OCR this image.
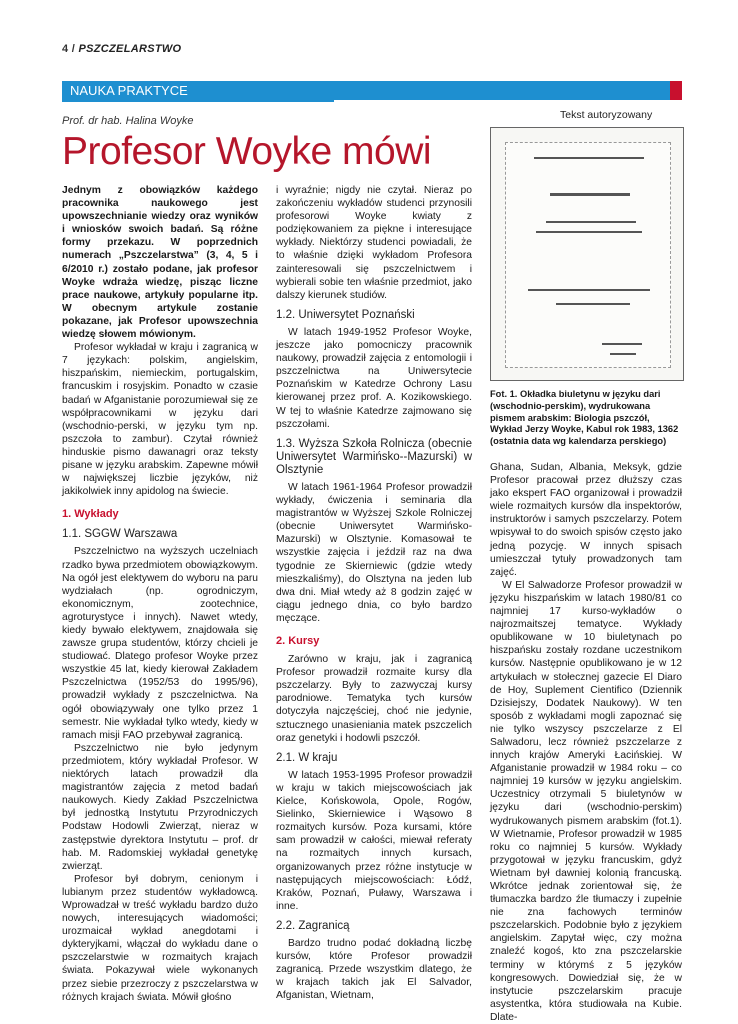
4 / PSZCZELARSTWO
NAUKA PRAKTYCE
Prof. dr hab. Halina Woyke	Tekst autoryzowany
Profesor Woyke mówi

Jednym z obowiązków każdego pracownika naukowego jest upowszechnianie wiedzy oraz wyników i wniosków swoich badań. Są różne formy przekazu. W poprzednich numerach „Pszczelarstwa” (3, 4, 5 i 6/2010 r.) zostało podane, jak profesor Woyke wdraża wiedzę, pisząc liczne prace naukowe, artykuły popularne itp. W obecnym artykule zostanie pokazane, jak Profesor upowszechnia wiedzę słowem mówionym.

Profesor wykładał w kraju i zagranicą w 7 językach: polskim, angielskim, hiszpańskim, niemieckim, portugalskim, francuskim i rosyjskim. Ponadto w czasie badań w Afganistanie porozumiewał się ze współpracownikami w języku dari (wschodnio-perski, w języku tym np. pszczoła to zambur). Czytał również hinduskie pismo dawanagri oraz teksty pisane w języku arabskim. Zapewne mówił w największej liczbie języków, niż jakikolwiek inny apidolog na świecie.

1. Wykłady
1.1. SGGW Warszawa

Pszczelnictwo na wyższych uczelniach rzadko bywa przedmiotem obowiązkowym. Na ogół jest elektywem do wyboru na paru wydziałach (np. ogrodniczym, ekonomicznym, zootechnice, agroturystyce i innych). Nawet wtedy, kiedy bywało elektywem, znajdowała się zawsze grupa studentów, którzy chcieli je studiować. Dlatego profesor Woyke przez wszystkie 45 lat, kiedy kierował Zakładem Pszczelnictwa (1952/53 do 1995/96), prowadził wykłady z pszczelnictwa. Na ogół obowiązywały one tylko przez 1 semestr. Nie wykładał tylko wtedy, kiedy w ramach misji FAO przebywał zagranicą.

Pszczelnictwo nie było jedynym przedmiotem, który wykładał Profesor. W niektórych latach prowadził dla magistrantów zajęcia z metod badań naukowych. Kiedy Zakład Pszczelnictwa był jednostką Instytutu Przyrodniczych Podstaw Hodowli Zwierząt, nieraz w zastępstwie dyrektora Instytutu – prof. dr hab. M. Radomskiej wykładał genetykę zwierząt.

Profesor był dobrym, cenionym i lubianym przez studentów wykładowcą. Wprowadzał w treść wykładu bardzo dużo nowych, interesujących wiadomości; urozmaicał wykład anegdotami i dykteryjkami, włączał do wykładu dane o pszczelarstwie w rozmaitych krajach świata. Pokazywał wiele wykonanych przez siebie przezroczy z pszczelarstwa w różnych krajach świata. Mówił głośno

i wyraźnie; nigdy nie czytał. Nieraz po zakończeniu wykładów studenci przynosili profesorowi Woyke kwiaty z podziękowaniem za piękne i interesujące wykłady. Niektórzy studenci powiadali, że to właśnie dzięki wykładom Profesora zainteresowali się pszczelnictwem i wybierali sobie ten właśnie przedmiot, jako dalszy kierunek studiów.

1.2. Uniwersytet Poznański

W latach 1949-1952 Profesor Woyke, jeszcze jako pomocniczy pracownik naukowy, prowadził zajęcia z entomologii i pszczelnictwa na Uniwersytecie Poznańskim w Katedrze Ochrony Lasu kierowanej przez prof. A. Kozikowskiego. W tej to właśnie Katedrze zajmowano się pszczołami.

1.3. Wyższa Szkoła Rolnicza (obecnie Uniwersytet Warmińsko--Mazurski) w Olsztynie

W latach 1961-1964 Profesor prowadził wykłady, ćwiczenia i seminaria dla magistrantów w Wyższej Szkole Rolniczej (obecnie Uniwersytet Warmińsko-Mazurski) w Olsztynie. Komasował te wszystkie zajęcia i jeździł raz na dwa tygodnie ze Skierniewic (gdzie wtedy mieszkaliśmy), do Olsztyna na jeden lub dwa dni. Miał wtedy aż 8 godzin zajęć w ciągu jednego dnia, co było bardzo męczące.

2. Kursy

Zarówno w kraju, jak i zagranicą Profesor prowadził rozmaite kursy dla pszczelarzy. Były to zazwyczaj kursy parodniowe. Tematyka tych kursów dotyczyła najczęściej, choć nie jedynie, sztucznego unasieniania matek pszczelich oraz genetyki i hodowli pszczół.

2.1. W kraju

W latach 1953-1995 Profesor prowadził w kraju w takich miejscowościach jak Kielce, Końskowola, Opole, Rogów, Sielinko, Skierniewice i Wąsowo 8 rozmaitych kursów. Poza kursami, które sam prowadził w całości, miewał referaty na rozmaitych innych kursach, organizowanych przez różne instytucje w następujących miejscowościach: Łódź, Kraków, Poznań, Puławy, Warszawa i inne.

2.2. Zagranicą

Bardzo trudno podać dokładną liczbę kursów, które Profesor prowadził zagranicą. Przede wszystkim dlatego, że w krajach takich jak El Salvador, Afganistan, Wietnam,

Fot. 1. Okładka biuletynu w języku dari (wschodnio-perskim), wydrukowana pismem arabskim: Biologia pszczół, Wykład Jerzy Woyke, Kabul rok 1983, 1362 (ostatnia data wg kalendarza perskiego)

Ghana, Sudan, Albania, Meksyk, gdzie Profesor pracował przez dłuższy czas jako ekspert FAO organizował i prowadził wiele rozmaitych kursów dla inspektorów, instruktorów i samych pszczelarzy. Potem wpisywał to do swoich spisów często jako jedną pozycję. W innych spisach umieszczał tytuły prowadzonych tam zajęć.

W El Salwadorze Profesor prowadził w języku hiszpańskim w latach 1980/81 co najmniej 17 kurso-wykładów o najrozmaitszej tematyce. Wykłady opublikowane w 10 biuletynach po hiszpańsku zostały rozdane uczestnikom kursów. Następnie opublikowano je w 12 artykułach w stołecznej gazecie El Diaro de Hoy, Suplement Cientifico (Dziennik Dzisiejszy, Dodatek Naukowy). W ten sposób z wykładami mogli zapoznać się nie tylko wszyscy pszczelarze z El Salwadoru, lecz również pszczelarze z innych krajów Ameryki Łacińskiej. W Afganistanie prowadził w 1984 roku – co najmniej 19 kursów w języku angielskim. Uczestnicy otrzymali 5 biuletynów w języku dari (wschodnio-perskim) wydrukowanych pismem arabskim (fot.1). W Wietnamie, Profesor prowadził w 1985 roku co najmniej 5 kursów. Wykłady przygotował w języku francuskim, gdyż Wietnam był dawniej kolonią francuską. Wkrótce jednak zorientował się, że tłumaczka bardzo źle tłumaczy i zupełnie nie zna fachowych terminów pszczelarskich. Podobnie było z językiem angielskim. Zapytał więc, czy można znaleźć kogoś, kto zna pszczelarskie terminy w którymś z 5 języków kongresowych. Dowiedział się, że w instytucie pszczelarskim pracuje asystentka, która studiowała na Kubie. Dlate-
